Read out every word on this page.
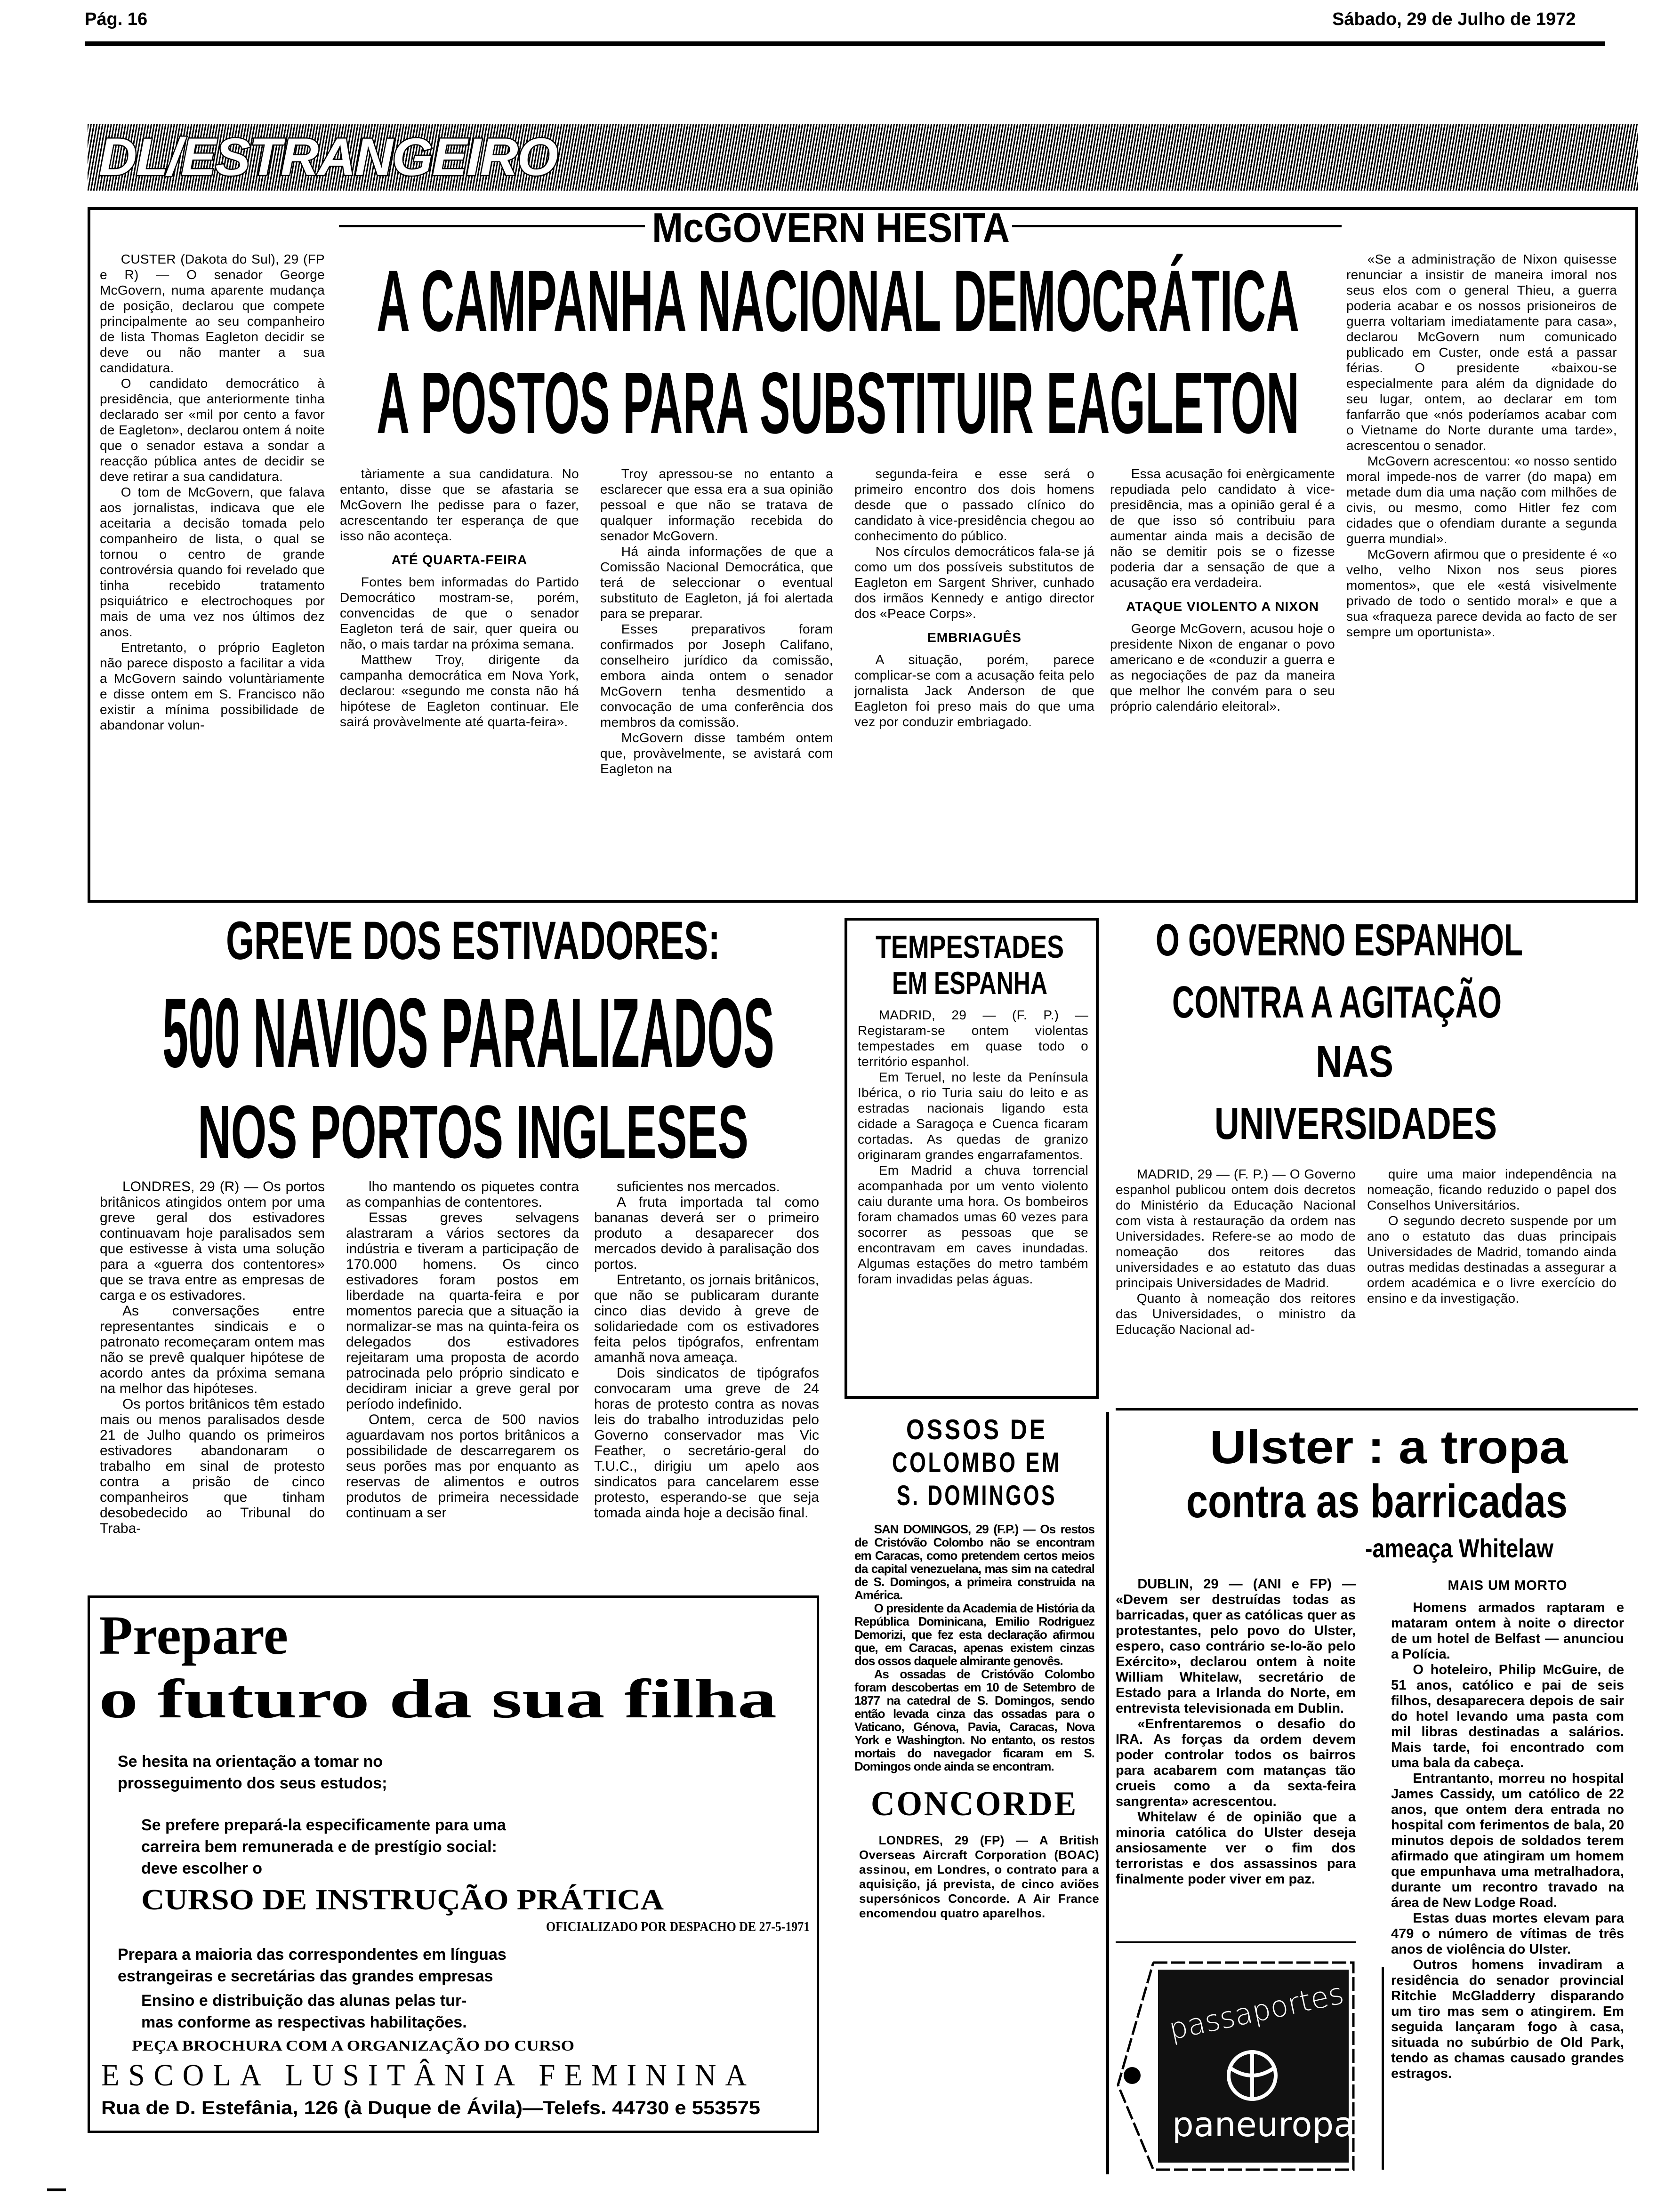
Pág. 16	Sábado, 29 de Julho de 1972
DL/ESTRANGEIRO
McGOVERN HESITA
A CAMPANHA NACIONAL DEMOCRÁTICA
A POSTOS PARA SUBSTITUIR EAGLETON

CUSTER (Dakota do Sul), 29 (FP e R) — O senador George McGovern, numa aparente mudança de posição, declarou que compete principalmente ao seu companheiro de lista Thomas Eagleton decidir se deve ou não manter a sua candidatura.

O candidato democrático à presidência, que anteriormente tinha declarado ser «mil por cento a favor de Eagleton», declarou ontem á noite que o senador estava a sondar a reacção pública antes de decidir se deve retirar a sua candidatura.

O tom de McGovern, que falava aos jornalistas, indicava que ele aceitaria a decisão tomada pelo companheiro de lista, o qual se tornou o centro de grande controvérsia quando foi revelado que tinha recebido tratamento psiquiátrico e electrochoques por mais de uma vez nos últimos dez anos.

Entretanto, o próprio Eagleton não parece disposto a facilitar a vida a McGovern saindo voluntàriamente e disse ontem em S. Francisco não existir a mínima possibilidade de abandonar volun-

tàriamente a sua candidatura. No entanto, disse que se afastaria se McGovern lhe pedisse para o fazer, acrescentando ter esperança de que isso não aconteça.

ATÉ QUARTA-FEIRA

Fontes bem informadas do Partido Democrático mostram-se, porém, convencidas de que o senador Eagleton terá de sair, quer queira ou não, o mais tardar na próxima semana.

Matthew Troy, dirigente da campanha democrática em Nova York, declarou: «segundo me consta não há hipótese de Eagleton continuar. Ele sairá provàvelmente até quarta-feira».

Troy apressou-se no entanto a esclarecer que essa era a sua opinião pessoal e que não se tratava de qualquer informação recebida do senador McGovern.

Há ainda informações de que a Comissão Nacional Democrática, que terá de seleccionar o eventual substituto de Eagleton, já foi alertada para se preparar.

Esses preparativos foram confirmados por Joseph Califano, conselheiro jurídico da comissão, embora ainda ontem o senador McGovern tenha desmentido a convocação de uma conferência dos membros da comissão.

McGovern disse também ontem que, provàvelmente, se avistará com Eagleton na

segunda-feira e esse será o primeiro encontro dos dois homens desde que o passado clínico do candidato à vice-presidência chegou ao conhecimento do público.

Nos círculos democráticos fala-se já como um dos possíveis substitutos de Eagleton em Sargent Shriver, cunhado dos irmãos Kennedy e antigo director dos «Peace Corps».

EMBRIAGUÊS

A situação, porém, parece complicar-se com a acusação feita pelo jornalista Jack Anderson de que Eagleton foi preso mais do que uma vez por conduzir embriagado.

Essa acusação foi enèrgicamente repudiada pelo candidato à vice-presidência, mas a opinião geral é a de que isso só contribuiu para aumentar ainda mais a decisão de não se demitir pois se o fizesse poderia dar a sensação de que a acusação era verdadeira.

ATAQUE VIOLENTO A NIXON

George McGovern, acusou hoje o presidente Nixon de enganar o povo americano e de «conduzir a guerra e as negociações de paz da maneira que melhor lhe convém para o seu próprio calendário eleitoral».

«Se a administração de Nixon quisesse renunciar a insistir de maneira imoral nos seus elos com o general Thieu, a guerra poderia acabar e os nossos prisioneiros de guerra voltariam imediatamente para casa», declarou McGovern num comunicado publicado em Custer, onde está a passar férias. O presidente «baixou-se especialmente para além da dignidade do seu lugar, ontem, ao declarar em tom fanfarrão que «nós poderíamos acabar com o Vietname do Norte durante uma tarde», acrescentou o senador.

McGovern acrescentou: «o nosso sentido moral impede-nos de varrer (do mapa) em metade dum dia uma nação com milhões de civis, ou mesmo, como Hitler fez com cidades que o ofendiam durante a segunda guerra mundial».

McGovern afirmou que o presidente é «o velho, velho Nixon nos seus piores momentos», que ele «está visivelmente privado de todo o sentido moral» e que a sua «fraqueza parece devida ao facto de ser sempre um oportunista».

GREVE DOS ESTIVADORES:
500 NAVIOS PARALIZADOS
NOS PORTOS INGLESES

LONDRES, 29 (R) — Os portos britânicos atingidos ontem por uma greve geral dos estivadores continuavam hoje paralisados sem que estivesse à vista uma solução para a «guerra dos contentores» que se trava entre as empresas de carga e os estivadores.

As conversações entre representantes sindicais e o patronato recomeçaram ontem mas não se prevê qualquer hipótese de acordo antes da próxima semana na melhor das hipóteses.

Os portos britânicos têm estado mais ou menos paralisados desde 21 de Julho quando os primeiros estivadores abandonaram o trabalho em sinal de protesto contra a prisão de cinco companheiros que tinham desobedecido ao Tribunal do Traba-

lho mantendo os piquetes contra as companhias de contentores.

Essas greves selvagens alastraram a vários sectores da indústria e tiveram a participação de 170.000 homens. Os cinco estivadores foram postos em liberdade na quarta-feira e por momentos parecia que a situação ia normalizar-se mas na quinta-feira os delegados dos estivadores rejeitaram uma proposta de acordo patrocinada pelo próprio sindicato e decidiram iniciar a greve geral por período indefinido.

Ontem, cerca de 500 navios aguardavam nos portos britânicos a possibilidade de descarregarem os seus porões mas por enquanto as reservas de alimentos e outros produtos de primeira necessidade continuam a ser

suficientes nos mercados.

A fruta importada tal como bananas deverá ser o primeiro produto a desaparecer dos mercados devido à paralisação dos portos.

Entretanto, os jornais britânicos, que não se publicaram durante cinco dias devido à greve de solidariedade com os estivadores feita pelos tipógrafos, enfrentam amanhã nova ameaça.

Dois sindicatos de tipógrafos convocaram uma greve de 24 horas de protesto contra as novas leis do trabalho introduzidas pelo Governo conservador mas Vic Feather, o secretário-geral do T.U.C., dirigiu um apelo aos sindicatos para cancelarem esse protesto, esperando-se que seja tomada ainda hoje a decisão final.

TEMPESTADES
EM ESPANHA

MADRID, 29 — (F. P.) — Registaram-se ontem violentas tempestades em quase todo o território espanhol.

Em Teruel, no leste da Península Ibérica, o rio Turia saiu do leito e as estradas nacionais ligando esta cidade a Saragoça e Cuenca ficaram cortadas. As quedas de granizo originaram grandes engarrafamentos.

Em Madrid a chuva torrencial acompanhada por um vento violento caiu durante uma hora. Os bombeiros foram chamados umas 60 vezes para socorrer as pessoas que se encontravam em caves inundadas. Algumas estações do metro também foram invadidas pelas águas.

O GOVERNO ESPANHOL
CONTRA A AGITAÇÃO
NAS
UNIVERSIDADES

MADRID, 29 — (F. P.) — O Governo espanhol publicou ontem dois decretos do Ministério da Educação Nacional com vista à restauração da ordem nas Universidades. Refere-se ao modo de nomeação dos reitores das universidades e ao estatuto das duas principais Universidades de Madrid.

Quanto à nomeação dos reitores das Universidades, o ministro da Educação Nacional ad-

quire uma maior independência na nomeação, ficando reduzido o papel dos Conselhos Universitários.

O segundo decreto suspende por um ano o estatuto das duas principais Universidades de Madrid, tomando ainda outras medidas destinadas a assegurar a ordem académica e o livre exercício do ensino e da investigação.

OSSOS DE
COLOMBO EM
S. DOMINGOS

SAN DOMINGOS, 29 (F.P.) — Os restos de Cristóvão Colombo não se encontram em Caracas, como pretendem certos meios da capital venezuelana, mas sim na catedral de S. Domingos, a primeira construida na América.

O presidente da Academia de História da República Dominicana, Emilio Rodriguez Demorizi, que fez esta declaração afirmou que, em Caracas, apenas existem cinzas dos ossos daquele almirante genovês.

As ossadas de Cristóvão Colombo foram descobertas em 10 de Setembro de 1877 na catedral de S. Domingos, sendo então levada cinza das ossadas para o Vaticano, Génova, Pavia, Caracas, Nova York e Washington. No entanto, os restos mortais do navegador ficaram em S. Domingos onde ainda se encontram.

CONCORDE

LONDRES, 29 (FP) — A British Overseas Aircraft Corporation (BOAC) assinou, em Londres, o contrato para a aquisição, já prevista, de cinco aviões supersónicos Concorde. A Air France encomendou quatro aparelhos.

Ulster : a tropa
contra as barricadas
-ameaça Whitelaw

DUBLIN, 29 — (ANI e FP) — «Devem ser destruídas todas as barricadas, quer as católicas quer as protestantes, pelo povo do Ulster, espero, caso contrário se-lo-ão pelo Exército», declarou ontem à noite William Whitelaw, secretário de Estado para a Irlanda do Norte, em entrevista televisionada em Dublin.

«Enfrentaremos o desafio do IRA. As forças da ordem devem poder controlar todos os bairros para acabarem com matanças tão crueis como a da sexta-feira sangrenta» acrescentou.

Whitelaw é de opinião que a minoria católica do Ulster deseja ansiosamente ver o fim dos terroristas e dos assassinos para finalmente poder viver em paz.

MAIS UM MORTO

Homens armados raptaram e mataram ontem à noite o director de um hotel de Belfast — anunciou a Polícia.

O hoteleiro, Philip McGuire, de 51 anos, católico e pai de seis filhos, desaparecera depois de sair do hotel levando uma pasta com mil libras destinadas a salários. Mais tarde, foi encontrado com uma bala da cabeça.

Entrantanto, morreu no hospital James Cassidy, um católico de 22 anos, que ontem dera entrada no hospital com ferimentos de bala, 20 minutos depois de soldados terem afirmado que atingiram um homem que empunhava uma metralhadora, durante um recontro travado na área de New Lodge Road.

Estas duas mortes elevam para 479 o número de vítimas de três anos de violência do Ulster.

Outros homens invadiram a residência do senador provincial Ritchie McGladderry disparando um tiro mas sem o atingirem. Em seguida lançaram fogo à casa, situada no subúrbio de Old Park, tendo as chamas causado grandes estragos.

passaportes
paneuropa
Prepare
o futuro da sua filha
Se hesita na orientação a tomar no
prosseguimento dos seus estudos;
Se prefere prepará-la especificamente para uma
carreira bem remunerada e de prestígio social:
deve escolher o
CURSO DE INSTRUÇÃO PRÁTICA
OFICIALIZADO POR DESPACHO DE 27-5-1971
Prepara a maioria das correspondentes em línguas
estrangeiras e secretárias das grandes empresas
Ensino e distribuição das alunas pelas tur-
mas conforme as respectivas habilitações.
PEÇA BROCHURA COM A ORGANIZAÇÃO DO CURSO
ESCOLA LUSITÂNIA FEMININA
Rua de D. Estefânia, 126 (à Duque de Ávila)—Telefs. 44730 e 553575
